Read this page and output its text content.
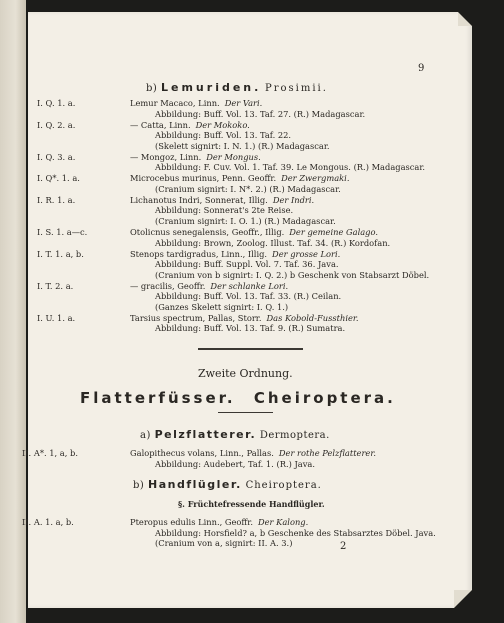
9
b) Lemuriden. Prosimii.
I. Q. 1. a.	Lemur Macaco, Linn. Der Vari.
Abbildung: Buff. Vol. 13. Taf. 27. (R.) Madagascar.
I. Q. 2. a.	— Catta, Linn. Der Mokoko.
Abbildung: Buff. Vol. 13. Taf. 22.
(Skelett signirt: I. N. 1.) (R.) Madagascar.
I. Q. 3. a.	— Mongoz, Linn. Der Mongus.
Abbildung: F. Cuv. Vol. 1. Taf. 39. Le Mongous. (R.) Madagascar.
I. Q*. 1. a.	Microcebus murinus, Penn. Geoffr. Der Zwergmaki.
(Cranium signirt: I. N*. 2.) (R.) Madagascar.
I. R. 1. a.	Lichanotus Indri, Sonnerat, Illig. Der Indri.
Abbildung: Sonnerat's 2te Reise.
(Cranium signirt: I. O. 1.) (R.) Madagascar.
I. S. 1. a—c.	Otolicnus senegalensis, Geoffr., Illig. Der gemeine Galago.
Abbildung: Brown, Zoolog. Illust. Taf. 34. (R.) Kordofan.
I. T. 1. a, b.	Stenops tardigradus, Linn., Illig. Der grosse Lori.
Abbildung: Buff. Suppl. Vol. 7. Taf. 36. Java.
(Cranium von b signirt: I. Q. 2.) b Geschenk von Stabsarzt Döbel.
I. T. 2. a.	— gracilis, Geoffr. Der schlanke Lori.
Abbildung: Buff. Vol. 13. Taf. 33. (R.) Ceilan.
(Ganzes Skelett signirt: I. Q. 1.)
I. U. 1. a.	Tarsius spectrum, Pallas, Storr. Das Kobold-Fussthier.
Abbildung: Buff. Vol. 13. Taf. 9. (R.) Sumatra.
Zweite Ordnung.
Flatterfüsser. Cheiroptera.
a) Pelzflatterer. Dermoptera.
II. A*. 1, a, b.	Galopithecus volans, Linn., Pallas. Der rothe Pelzflatterer.
Abbildung: Audebert, Taf. 1. (R.) Java.
b) Handflügler. Cheiroptera.
§. Früchtefressende Handflügler.
II. A. 1. a, b.	Pteropus edulis Linn., Geoffr. Der Kalong.
Abbildung: Horsfield? a, b Geschenke des Stabsarztes Döbel. Java.
(Cranium von a, signirt: II. A. 3.)	2
